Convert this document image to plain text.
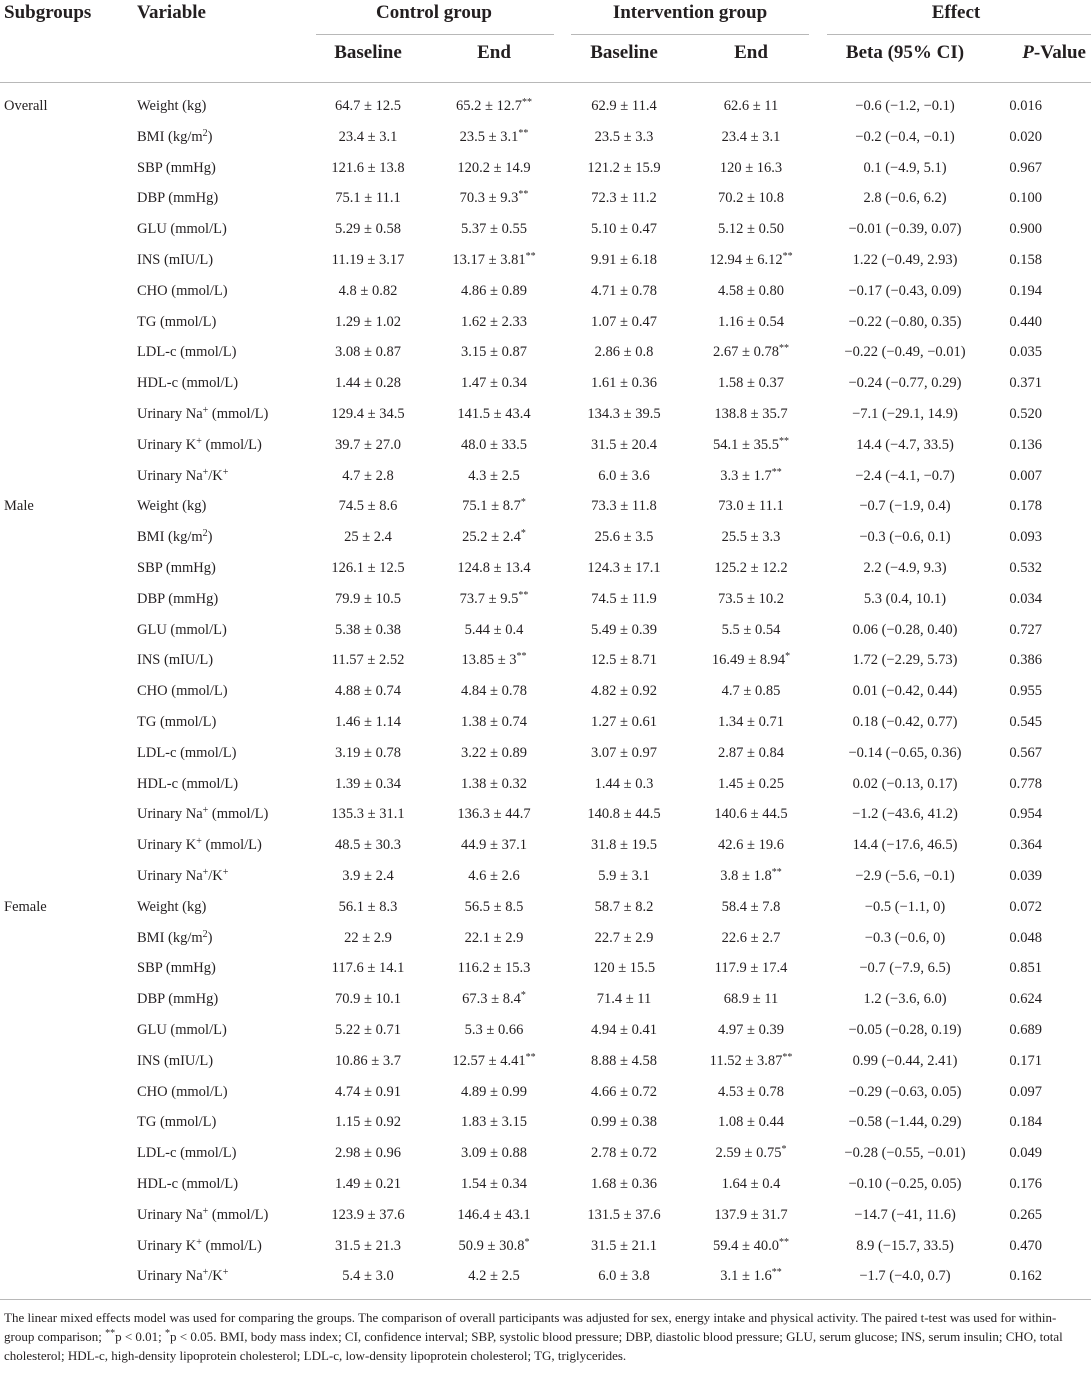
Subgroups Variable	Control group	Intervention group	Effect
Baseline	End	Baseline	End	Beta (95% CI)	P-Value
Overall	Weight (kg)	64.7 ± 12.5	65.2 ± 12.7**	62.9 ± 11.4	62.6 ± 11	−0.6 (−1.2, −0.1)	0.016
BMI $(kg/m^2)$	23.4 ± 3.1	23.5 ± 3.1**	23.5 ± 3.3	23.4 ± 3.1	−0.2 (−0.4, −0.1)	0.020
SBP (mmHg)	121.6 ± 13.8	120.2 ± 14.9	121.2 ± 15.9	120 ± 16.3	0.1 (−4.9, 5.1)	0.967
DBP (mmHg)	75.1 ± 11.1	70.3 ± 9.3**	72.3 ± 11.2	70.2 ± 10.8	2.8 (−0.6, 6.2)	0.100
GLU (mmol/L)	5.29 ± 0.58	5.37 ± 0.55	5.10 ± 0.47	5.12 ± 0.50	−0.01 (−0.39, 0.07)	0.900
INS (mIU/L)	11.19 ± 3.17	13.17 ± 3.81**	9.91 ± 6.18	12.94 ± 6.12**	1.22 (−0.49, 2.93)	0.158
CHO (mmol/L)	4.8 ± 0.82	4.86 ± 0.89	4.71 ± 0.78	4.58 ± 0.80	−0.17 (−0.43, 0.09)	0.194
TG (mmol/L)	1.29 ± 1.02	1.62 ± 2.33	1.07 ± 0.47	1.16 ± 0.54	−0.22 (−0.80, 0.35)	0.440
LDL-c (mmol/L)	3.08 ± 0.87	3.15 ± 0.87	2.86 ± 0.8	2.67 ± 0.78**	−0.22 (−0.49, −0.01)	0.035
HDL-c (mmol/L)	1.44 ± 0.28	1.47 ± 0.34	1.61 ± 0.36	1.58 ± 0.37	−0.24 (−0.77, 0.29)	0.371
Urinary Na+ (mmol/L)	129.4 ± 34.5	141.5 ± 43.4	134.3 ± 39.5	138.8 ± 35.7	−7.1 (−29.1, 14.9)	0.520
Urinary K+ (mmol/L)	39.7 ± 27.0	48.0 ± 33.5	31.5 ± 20.4	54.1 ± 35.5**	14.4 (−4.7, 33.5)	0.136
Urinary Na+/K+	4.7 ± 2.8	4.3 ± 2.5	6.0 ± 3.6	3.3 ± 1.7**	−2.4 (−4.1, −0.7)	0.007
Male	Weight (kg)	74.5 ± 8.6	75.1 ± 8.7*	73.3 ± 11.8	73.0 ± 11.1	−0.7 (−1.9, 0.4)	0.178
BMI $(kg/m^2)$	25 ± 2.4	25.2 ± 2.4*	25.6 ± 3.5	25.5 ± 3.3	−0.3 (−0.6, 0.1)	0.093
SBP (mmHg)	126.1 ± 12.5	124.8 ± 13.4	124.3 ± 17.1	125.2 ± 12.2	2.2 (−4.9, 9.3)	0.532
DBP (mmHg)	79.9 ± 10.5	73.7 ± 9.5**	74.5 ± 11.9	73.5 ± 10.2	5.3 (0.4, 10.1)	0.034
GLU (mmol/L)	5.38 ± 0.38	5.44 ± 0.4	5.49 ± 0.39	5.5 ± 0.54	0.06 (−0.28, 0.40)	0.727
INS (mIU/L)	11.57 ± 2.52	13.85 ± 3**	12.5 ± 8.71	16.49 ± 8.94*	1.72 (−2.29, 5.73)	0.386
CHO (mmol/L)	4.88 ± 0.74	4.84 ± 0.78	4.82 ± 0.92	4.7 ± 0.85	0.01 (−0.42, 0.44)	0.955
TG (mmol/L)	1.46 ± 1.14	1.38 ± 0.74	1.27 ± 0.61	1.34 ± 0.71	0.18 (−0.42, 0.77)	0.545
LDL-c (mmol/L)	3.19 ± 0.78	3.22 ± 0.89	3.07 ± 0.97	2.87 ± 0.84	−0.14 (−0.65, 0.36)	0.567
HDL-c (mmol/L)	1.39 ± 0.34	1.38 ± 0.32	1.44 ± 0.3	1.45 ± 0.25	0.02 (−0.13, 0.17)	0.778
Urinary Na+ (mmol/L)	135.3 ± 31.1	136.3 ± 44.7	140.8 ± 44.5	140.6 ± 44.5	−1.2 (−43.6, 41.2)	0.954
Urinary K+ (mmol/L)	48.5 ± 30.3	44.9 ± 37.1	31.8 ± 19.5	42.6 ± 19.6	14.4 (−17.6, 46.5)	0.364
Urinary Na+/K+	3.9 ± 2.4	4.6 ± 2.6	5.9 ± 3.1	3.8 ± 1.8**	−2.9 (−5.6, −0.1)	0.039
Female	Weight (kg)	56.1 ± 8.3	56.5 ± 8.5	58.7 ± 8.2	58.4 ± 7.8	−0.5 (−1.1, 0)	0.072
BMI $(kg/m^2)$	22 ± 2.9	22.1 ± 2.9	22.7 ± 2.9	22.6 ± 2.7	−0.3 (−0.6, 0)	0.048
SBP (mmHg)	117.6 ± 14.1	116.2 ± 15.3	120 ± 15.5	117.9 ± 17.4	−0.7 (−7.9, 6.5)	0.851
DBP (mmHg)	70.9 ± 10.1	67.3 ± 8.4*	71.4 ± 11	68.9 ± 11	1.2 (−3.6, 6.0)	0.624
GLU (mmol/L)	5.22 ± 0.71	5.3 ± 0.66	4.94 ± 0.41	4.97 ± 0.39	−0.05 (−0.28, 0.19)	0.689
INS (mIU/L)	10.86 ± 3.7	12.57 ± 4.41**	8.88 ± 4.58	11.52 ± 3.87**	0.99 (−0.44, 2.41)	0.171
CHO (mmol/L)	4.74 ± 0.91	4.89 ± 0.99	4.66 ± 0.72	4.53 ± 0.78	−0.29 (−0.63, 0.05)	0.097
TG (mmol/L)	1.15 ± 0.92	1.83 ± 3.15	0.99 ± 0.38	1.08 ± 0.44	−0.58 (−1.44, 0.29)	0.184
LDL-c (mmol/L)	2.98 ± 0.96	3.09 ± 0.88	2.78 ± 0.72	2.59 ± 0.75*	−0.28 (−0.55, −0.01)	0.049
HDL-c (mmol/L)	1.49 ± 0.21	1.54 ± 0.34	1.68 ± 0.36	1.64 ± 0.4	−0.10 (−0.25, 0.05)	0.176
Urinary Na+ (mmol/L)	123.9 ± 37.6	146.4 ± 43.1	131.5 ± 37.6	137.9 ± 31.7	−14.7 (−41, 11.6)	0.265
Urinary K+ (mmol/L)	31.5 ± 21.3	50.9 ± 30.8*	31.5 ± 21.1	59.4 ± 40.0**	8.9 (−15.7, 33.5)	0.470
Urinary Na+/K+	5.4 ± 3.0	4.2 ± 2.5	6.0 ± 3.8	3.1 ± 1.6**	−1.7 (−4.0, 0.7)	0.162
The linear mixed effects model was used for comparing the groups. The comparison of overall participants was adjusted for sex, energy intake and physical activity. The paired t-test was used for within-group comparison; **p < 0.01; *p < 0.05. BMI, body mass index; CI, confidence interval; SBP, systolic blood pressure; DBP, diastolic blood pressure; GLU, serum glucose; INS, serum insulin; CHO, total cholesterol; HDL-c, high-density lipoprotein cholesterol; LDL-c, low-density lipoprotein cholesterol; TG, triglycerides.
